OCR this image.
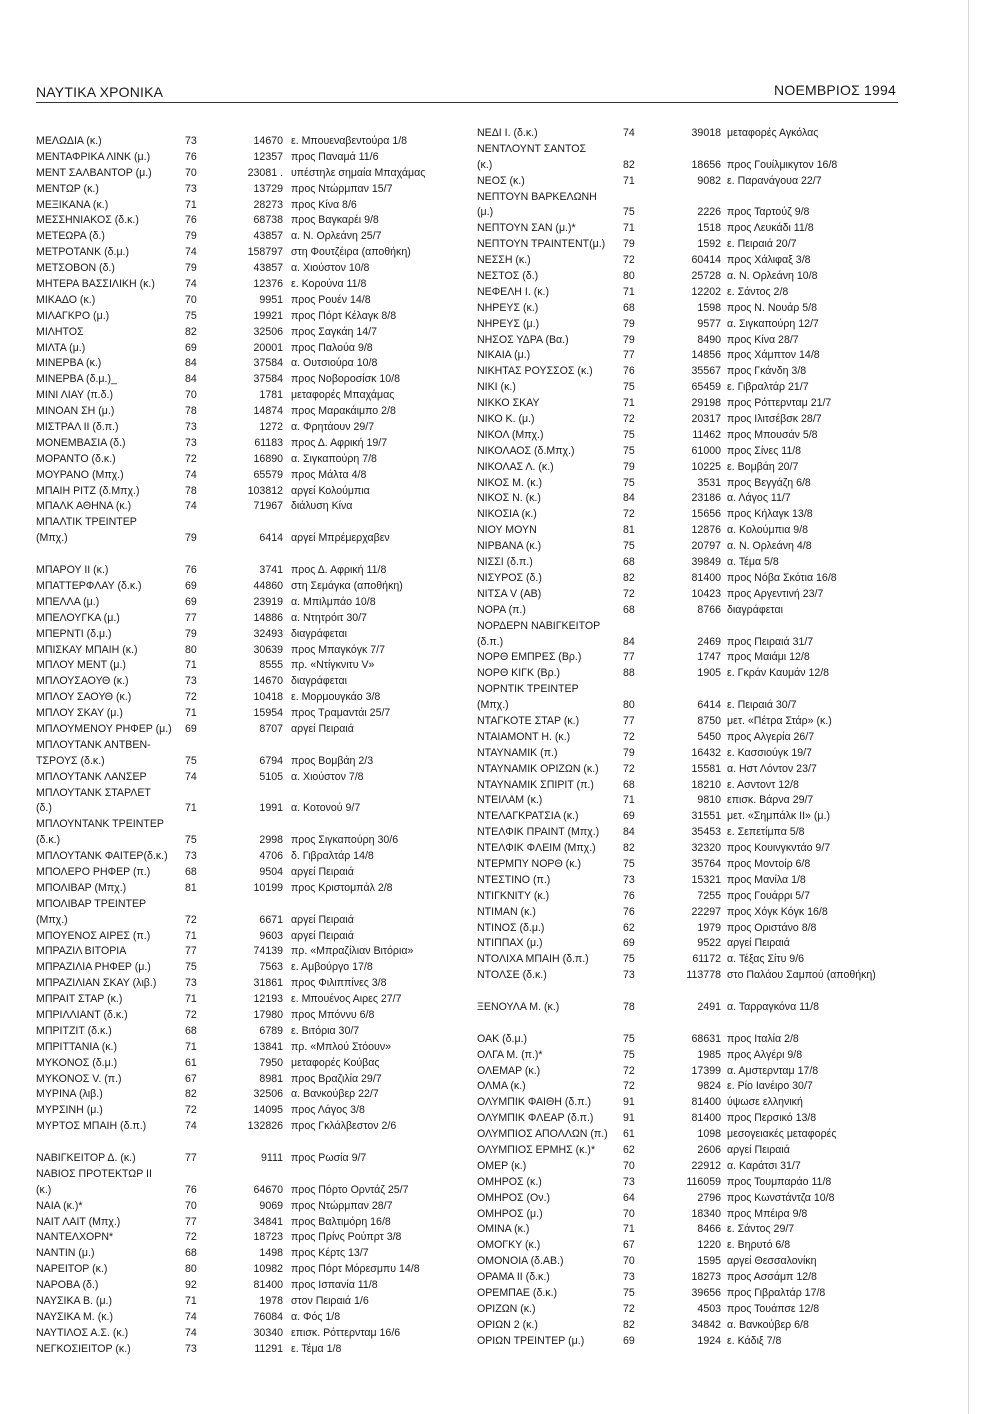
ΝΑΥΤΙΚΑ ΧΡΟΝΙΚΑ	ΝΟΕΜΒΡΙΟΣ 1994
ΜΕΛΩΔΙΑ (κ.)	73	14670 ε. Μπουεναβεντούρα 1/8
ΜΕΝΤΑΦΡΙΚΑ ΛΙΝΚ (μ.)	76	12357 προς Παναμά 11/6
ΜΕΝΤ ΣΑΛΒΑΝΤΟΡ (μ.)	70	23081 . υπέστηλε σημαία Μπαχάμας
ΜΕΝΤΩΡ (κ.)	73	13729 προς Ντώρμπαν 15/7
ΜΕΞΙΚΑΝΑ (κ.)	71	28273 προς Κίνα 8/6
ΜΕΣΣΗΝΙΑΚΟΣ (δ.κ.)	76	68738 προς Βαγκαρέι 9/8
ΜΕΤΕΩΡΑ (δ.)	79	43857 α. Ν. Ορλεάνη 25/7
ΜΕΤΡΟΤΑΝΚ (δ.μ.)	74	158797 στη Φουτζέιρα (αποθήκη)
ΜΕΤΣΟΒΟΝ (δ.)	79	43857 α. Χιούστον 10/8
ΜΗΤΕΡΑ ΒΑΣΣΙΛΙΚΗ (κ.)	74	12376 ε. Κορούνα 11/8
ΜΙΚΑΔΟ (κ.)	70	9951 προς Ρουέν 14/8
ΜΙΛΑΓΚΡΟ (μ.)	75	19921 προς Πόρτ Κέλαγκ 8/8
ΜΙΛΗΤΟΣ	82	32506 προς Σαγκάη 14/7
ΜΙΛΤΑ (μ.)	69	20001 προς Παλούα 9/8
ΜΙΝΕΡΒΑ (κ.)	84	37584 α. Ουτσιούρα 10/8
ΜΙΝΕΡΒΑ (δ.μ.)_	84	37584 προς Νοβοροσίσκ 10/8
ΜΙΝΙ ΛΙΑΥ (π.δ.)	70	1781 μεταφορές Μπαχάμας
ΜΙΝΟΑΝ ΣΗ (μ.)	78	14874 προς Μαρακάιμπο 2/8
ΜΙΣΤΡΑΛ ΙΙ (δ.π.)	73	1272 α. Φρητάουν 29/7
ΜΟΝΕΜΒΑΣΙΑ (δ.)	73	61183 προς Δ. Αφρική 19/7
ΜΟΡΑΝΤΟ (δ.κ.)	72	16890 α. Σιγκαπούρη 7/8
ΜΟΥΡΑΝΟ (Μπχ.)	74	65579 προς Μάλτα 4/8
ΜΠΑΙΗ ΡΙΤΖ (δ.Μπχ.)	78	103812 αργεί Κολούμπια
ΜΠΑΛΚ ΑΘΗΝΑ (κ.)	74	71967 διάλυση Κίνα
ΜΠΑΛΤΙΚ ΤΡΕΙΝΤΕΡ
(Μπχ.)	79	6414 αργεί Μπρέμερχαβεν
ΜΠΑΡΟΥ ΙΙ (κ.)	76	3741 προς Δ. Αφρική 11/8
ΜΠΑΤΤΕΡΦΛΑΥ (δ.κ.)	69	44860 στη Σεμάγκα (αποθήκη)
ΜΠΕΛΛΑ (μ.)	69	23919 α. Μπιλμπάο 10/8
ΜΠΕΛΟΥΓΚΑ (μ.)	77	14886 α. Ντητρόιτ 30/7
ΜΠΕΡΝΤΙ (δ.μ.)	79	32493 διαγράφεται
ΜΠΙΣΚΑΥ ΜΠΑΙΗ (κ.)	80	30639 προς Μπαγκόγκ 7/7
ΜΠΛΟΥ ΜΕΝΤ (μ.)	71	8555 πρ. «Ντίγκνιτυ V»
ΜΠΛΟΥΣΑΟΥΘ (κ.)	73	14670 διαγράφεται
ΜΠΛΟΥ ΣΑΟΥΘ (κ.)	72	10418 ε. Μορμουγκάο 3/8
ΜΠΛΟΥ ΣΚΑΥ (μ.)	71	15954 προς Τραμαντάι 25/7
ΜΠΛΟΥΜΕΝΟΥ ΡΗΦΕΡ (μ.)	69	8707 αργεί Πειραιά
ΜΠΛΟΥΤΑΝΚ ΑΝΤΒΕΝ-
ΤΣΡΟΥΣ (δ.κ.)	75	6794 προς Βομβάη 2/3
ΜΠΛΟΥΤΑΝΚ ΛΑΝΣΕΡ	74	5105 α. Χιούστον 7/8
ΜΠΛΟΥΤΑΝΚ ΣΤΑΡΛΕΤ
(δ.)	71	1991 α. Κοτονού 9/7
ΜΠΛΟΥΝΤΑΝΚ ΤΡΕΙΝΤΕΡ
(δ.κ.)	75	2998 προς Σιγκαπούρη 30/6
ΜΠΛΟΥΤΑΝΚ ΦΑΙΤΕΡ(δ.κ.)	73	4706 δ. Γιβραλτάρ 14/8
ΜΠΟΛΕΡΟ ΡΗΦΕΡ (π.)	68	9504 αργεί Πειραιά
ΜΠΟΛΙΒΑΡ (Μπχ.)	81	10199 προς Κριστομπάλ 2/8
ΜΠΟΛΙΒΑΡ ΤΡΕΙΝΤΕΡ
(Μπχ.)	72	6671 αργεί Πειραιά
ΜΠΟΥΕΝΟΣ ΑΙΡΕΣ (π.)	71	9603 αργεί Πειραιά
ΜΠΡΑΖΙΛ ΒΙΤΟΡΙΑ	77	74139 πρ. «Μπραζίλιαν Βιτόρια»
ΜΠΡΑΖΙΛΙΑ ΡΗΦΕΡ (μ.)	75	7563 ε. Αμβούργο 17/8
ΜΠΡΑΖΙΛΙΑΝ ΣΚΑΥ (λιβ.)	73	31861 προς Φιλιππίνες 3/8
ΜΠΡΑΙΤ ΣΤΑΡ (κ.)	71	12193 ε. Μπουένος Αιρες 27/7
ΜΠΡΙΛΛΙΑΝΤ (δ.κ.)	72	17980 προς Μπόννυ 6/8
ΜΠΡΙΤΖΙΤ (δ.κ.)	68	6789 ε. Βιτόρια 30/7
ΜΠΡΙΤΤΑΝΙΑ (κ.)	71	13841 πρ. «Μπλού Στόουν»
ΜΥΚΟΝΟΣ (δ.μ.)	61	7950 μεταφορές Κούβας
ΜΥΚΟΝΟΣ V. (π.)	67	8981 προς Βραζιλία 29/7
ΜΥΡΙΝΑ (λιβ.)	82	32506 α. Βανκούβερ 22/7
ΜΥΡΣΙΝΗ (μ.)	72	14095 προς Λάγος 3/8
ΜΥΡΤΟΣ ΜΠΑΙΗ (δ.π.)	74	132826 προς Γκλάλβεστον 2/6
ΝΑΒΙΓΚΕΙΤΟΡ Δ. (κ.)	77	9111 προς Ρωσία 9/7
ΝΑΒΙΟΣ ΠΡΟΤΕΚΤΩΡ ΙΙ
(κ.)	76	64670 προς Πόρτο Ορντάζ 25/7
ΝΑΙΑ (κ.)*	70	9069 προς Ντώρμπαν 28/7
ΝΑΙΤ ΛΑΙΤ (Μπχ.)	77	34841 προς Βαλτιμόρη 16/8
ΝΑΝΤΕΛΧΟΡΝ*	72	18723 προς Πρίνς Ρούπρτ 3/8
ΝΑΝΤΙΝ (μ.)	68	1498 προς Κέρτς 13/7
ΝΑΡΕΙΤΟΡ (κ.)	80	10982 προς Πόρτ Μόρεσμπυ 14/8
ΝΑΡΟΒΑ (δ.)	92	81400 προς Ισπανία 11/8
ΝΑΥΣΙΚΑ Β. (μ.)	71	1978 στον Πειραιά 1/6
ΝΑΥΣΙΚΑ Μ. (κ.)	74	76084 α. Φός 1/8
ΝΑΥΤΙΛΟΣ Α.Σ. (κ.)	74	30340 επισκ. Ρόττερνταμ 16/6
ΝΕΓΚΟΣΙΕΙΤΟΡ (κ.)	73	11291 ε. Τέμα 1/8
ΝΕΔΙ Ι. (δ.κ.)	74	39018 μεταφορές Αγκόλας
ΝΕΝΤΛΟΥΝΤ ΣΑΝΤΟΣ
(κ.)	82	18656 προς Γουίλμικγτον 16/8
ΝΕΟΣ (κ.)	71	9082 ε. Παρανάγουα 22/7
ΝΕΠΤΟΥΝ ΒΑΡΚΕΛΩΝΗ
(μ.)	75	2226 προς Ταρτούζ 9/8
ΝΕΠΤΟΥΝ ΣΑΝ (μ.)*	71	1518 προς Λευκάδι 11/8
ΝΕΠΤΟΥΝ ΤΡΑΙΝΤΕΝΤ(μ.)	79	1592 ε. Πειραιά 20/7
ΝΕΣΣΗ (κ.)	72	60414 προς Χάλιφαξ 3/8
ΝΕΣΤΟΣ (δ.)	80	25728 α. Ν. Ορλεάνη 10/8
ΝΕΦΕΛΗ Ι. (κ.)	71	12202 ε. Σάντος 2/8
ΝΗΡΕΥΣ (κ.)	68	1598 προς Ν. Νουάρ 5/8
ΝΗΡΕΥΣ (μ.)	79	9577 α. Σιγκαπούρη 12/7
ΝΗΣΟΣ ΥΔΡΑ (Βα.)	79	8490 προς Κίνα 28/7
ΝΙΚΑΙΑ (μ.)	77	14856 προς Χάμπτον 14/8
ΝΙΚΗΤΑΣ ΡΟΥΣΣΟΣ (κ.)	76	35567 προς Γκάνδη 3/8
ΝΙΚΙ (κ.)	75	65459 ε. Γιβραλτάρ 21/7
ΝΙΚΚΟ ΣΚΑΥ	71	29198 προς Ρόττερνταμ 21/7
ΝΙΚΟ Κ. (μ.)	72	20317 προς Ιλιτσέβσκ 28/7
ΝΙΚΟΛ (Μπχ.)	75	11462 προς Μπουσάν 5/8
ΝΙΚΟΛΑΟΣ (δ.Μπχ.)	75	61000 προς Σίνες 11/8
ΝΙΚΟΛΑΣ Λ. (κ.)	79	10225 ε. Βομβάη 20/7
ΝΙΚΟΣ Μ. (κ.)	75	3531 προς Βεγγάζη 6/8
ΝΙΚΟΣ Ν. (κ.)	84	23186 α. Λάγος 11/7
ΝΙΚΟΣΙΑ (κ.)	72	15656 προς Κήλαγκ 13/8
ΝΙΟΥ ΜΟΥΝ	81	12876 α. Κολούμπια 9/8
ΝΙΡΒΑΝΑ (κ.)	75	20797 α. Ν. Ορλεάνη 4/8
ΝΙΣΣΙ (δ.π.)	68	39849 α. Τέμα 5/8
ΝΙΣΥΡΟΣ (δ.)	82	81400 προς Νόβα Σκότια 16/8
ΝΙΤΣΑ V (ΑΒ)	72	10423 προς Αργεντινή 23/7
ΝΟΡΑ (π.)	68	8766 διαγράφεται
ΝΟΡΔΕΡΝ ΝΑΒΙΓΚΕΙΤΟΡ
(δ.π.)	84	2469 προς Πειραιά 31/7
ΝΟΡΘ ΕΜΠΡΕΣ (Βρ.)	77	1747 προς Μαιάμι 12/8
ΝΟΡΘ ΚΙΓΚ (Βρ.)	88	1905 ε. Γκράν Καυμάν 12/8
ΝΟΡΝΤΙΚ ΤΡΕΙΝΤΕΡ
(Μπχ.)	80	6414 ε. Πειραιά 30/7
ΝΤΑΓΚΟΤΕ ΣΤΑΡ (κ.)	77	8750 μετ. «Πέτρα Στάρ» (κ.)
ΝΤΑΙΑΜΟΝΤ Η. (κ.)	72	5450 προς Αλγερία 26/7
ΝΤΑΥΝΑΜΙΚ (π.)	79	16432 ε. Κασσιούγκ 19/7
ΝΤΑΥΝΑΜΙΚ ΟΡΙΖΩΝ (κ.)	72	15581 α. Ηστ Λόντον 23/7
ΝΤΑΥΝΑΜΙΚ ΣΠΙΡΙΤ (π.)	68	18210 ε. Ασντοντ 12/8
ΝΤΕΙΛΑΜ (κ.)	71	9810 επισκ. Βάρνα 29/7
ΝΤΕΛΑΓΚΡΑΤΣΙΑ (κ.)	69	31551 μετ. «Σημπάλκ ΙΙ» (μ.)
ΝΤΕΛΦΙΚ ΠΡΑΙΝΤ (Μπχ.)	84	35453 ε. Σεπετίμπα 5/8
ΝΤΕΛΦΙΚ ΦΛΕΙΜ (Μπχ.)	82	32320 προς Κουινγκντάο 9/7
ΝΤΕΡΜΠΥ ΝΟΡΘ (κ.)	75	35764 προς Μοντοίρ 6/8
ΝΤΕΣΤΙΝΟ (π.)	73	15321 προς Μανίλα 1/8
ΝΤΙΓΚΝΙΤΥ (κ.)	76	7255 προς Γουάρρι 5/7
ΝΤΙΜΑΝ (κ.)	76	22297 προς Χόγκ Κόγκ 16/8
ΝΤΙΝΟΣ (δ.μ.)	62	1979 προς Οριστάνο 8/8
ΝΤΙΠΠΑΧ (μ.)	69	9522 αργεί Πειραιά
ΝΤΟΛΙΧΑ ΜΠΑΙΗ (δ.π.)	75	61172 α. Τέξας Σίτυ 9/6
ΝΤΟΛΣΕ (δ.κ.)	73	113778 στο Παλάου Σαμπού (αποθήκη)
ΞΕΝΟΥΛΑ Μ. (κ.)	78	2491 α. Ταρραγκόνα 11/8
ΟΑΚ (δ.μ.)	75	68631 προς Ιταλία 2/8
ΟΛΓΑ Μ. (π.)*	75	1985 προς Αλγέρι 9/8
ΟΛΕΜΑΡ (κ.)	72	17399 α. Αμστερνταμ 17/8
ΟΛΜΑ (κ.)	72	9824 ε. Ρίο Ιανέιρο 30/7
ΟΛΥΜΠΙΚ ΦΑΙΘΗ (δ.π.)	91	81400 ύψωσε ελληνική
ΟΛΥΜΠΙΚ ΦΛΕΑΡ (δ.π.)	91	81400 προς Περσικό 13/8
ΟΛΥΜΠΙΟΣ ΑΠΟΛΛΩΝ (π.)	61	1098 μεσογειακές μεταφορές
ΟΛΥΜΠΙΟΣ ΕΡΜΗΣ (κ.)*	62	2606 αργεί Πειραιά
ΟΜΕΡ (κ.)	70	22912 α. Καράτσι 31/7
ΟΜΗΡΟΣ (κ.)	73	116059 προς Τουμπαράο 11/8
ΟΜΗΡΟΣ (Ον.)	64	2796 προς Κωνστάντζα 10/8
ΟΜΗΡΟΣ (μ.)	70	18340 προς Μπέιρα 9/8
ΟΜΙΝΑ (κ.)	71	8466 ε. Σάντος 29/7
ΟΜΟΓΚΥ (κ.)	67	1220 ε. Βηρυτό 6/8
ΟΜΟΝΟΙΑ (δ.ΑΒ.)	70	1595 αργεί Θεσσαλονίκη
ΟΡΑΜΑ ΙΙ (δ.κ.)	73	18273 προς Ασσάμπ 12/8
ΟΡΕΜΠΑΕ (δ.κ.)	75	39656 προς Γιβραλτάρ 17/8
ΟΡΙΖΩΝ (κ.)	72	4503 προς Τουάπσε 12/8
ΟΡΙΩΝ 2 (κ.)	82	34842 α. Βανκούβερ 6/8
ΟΡΙΩΝ ΤΡΕΙΝΤΕΡ (μ.)	69	1924 ε. Κάδιξ 7/8
